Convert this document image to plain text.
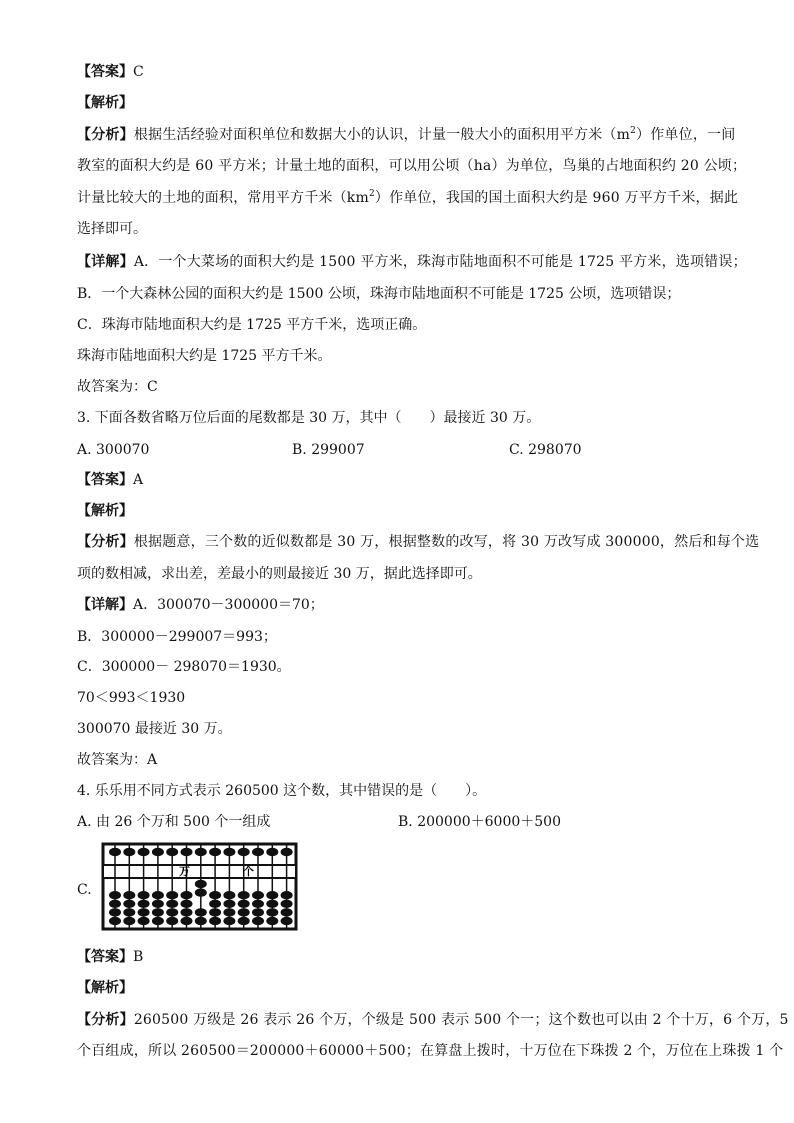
【答案】C
【解析】
【分析】根据生活经验对面积单位和数据大小的认识，计量一般大小的面积用平方米$(m^2)$作单位，一间
教室的面积大约是 60 平方米；计量土地的面积，可以用公顷（ha）为单位，鸟巢的占地面积约 20 公顷；
计量比较大的土地的面积，常用平方千米$(km^2)$作单位，我国的国土面积大约是 960 万平方千米，据此
选择即可。
【详解】A．一个大菜场的面积大约是 1500 平方米，珠海市陆地面积不可能是 1725 平方米，选项错误；
B．一个大森林公园的面积大约是 1500 公顷，珠海市陆地面积不可能是 1725 公顷，选项错误；
C．珠海市陆地面积大约是 1725 平方千米，选项正确。
珠海市陆地面积大约是 1725 平方千米。
故答案为：C
3. 下面各数省略万位后面的尾数都是 30 万，其中（　　）最接近 30 万。
A. 300070	B. 299007	C. 298070
【答案】A
【解析】
【分析】根据题意，三个数的近似数都是 30 万，根据整数的改写，将 30 万改写成 300000，然后和每个选
项的数相减，求出差，差最小的则最接近 30 万，据此选择即可。
【详解】A．300070－300000＝70；
B．300000－299007＝993；
C．300000－ 298070＝1930。
70＜993＜1930
300070 最接近 30 万。
故答案为：A
4. 乐乐用不同方式表示 260500 这个数，其中错误的是（　　）。
A. 由 26 个万和 500 个一组成	B. 200000＋6000＋500
C.
万	个
【答案】B
【解析】
【分析】260500 万级是 26 表示 26 个万，个级是 500 表示 500 个一；这个数也可以由 2 个十万，6 个万，5
个百组成，所以 260500＝200000＋60000＋500；在算盘上拨时，十万位在下珠拨 2 个，万位在上珠拨 1 个
